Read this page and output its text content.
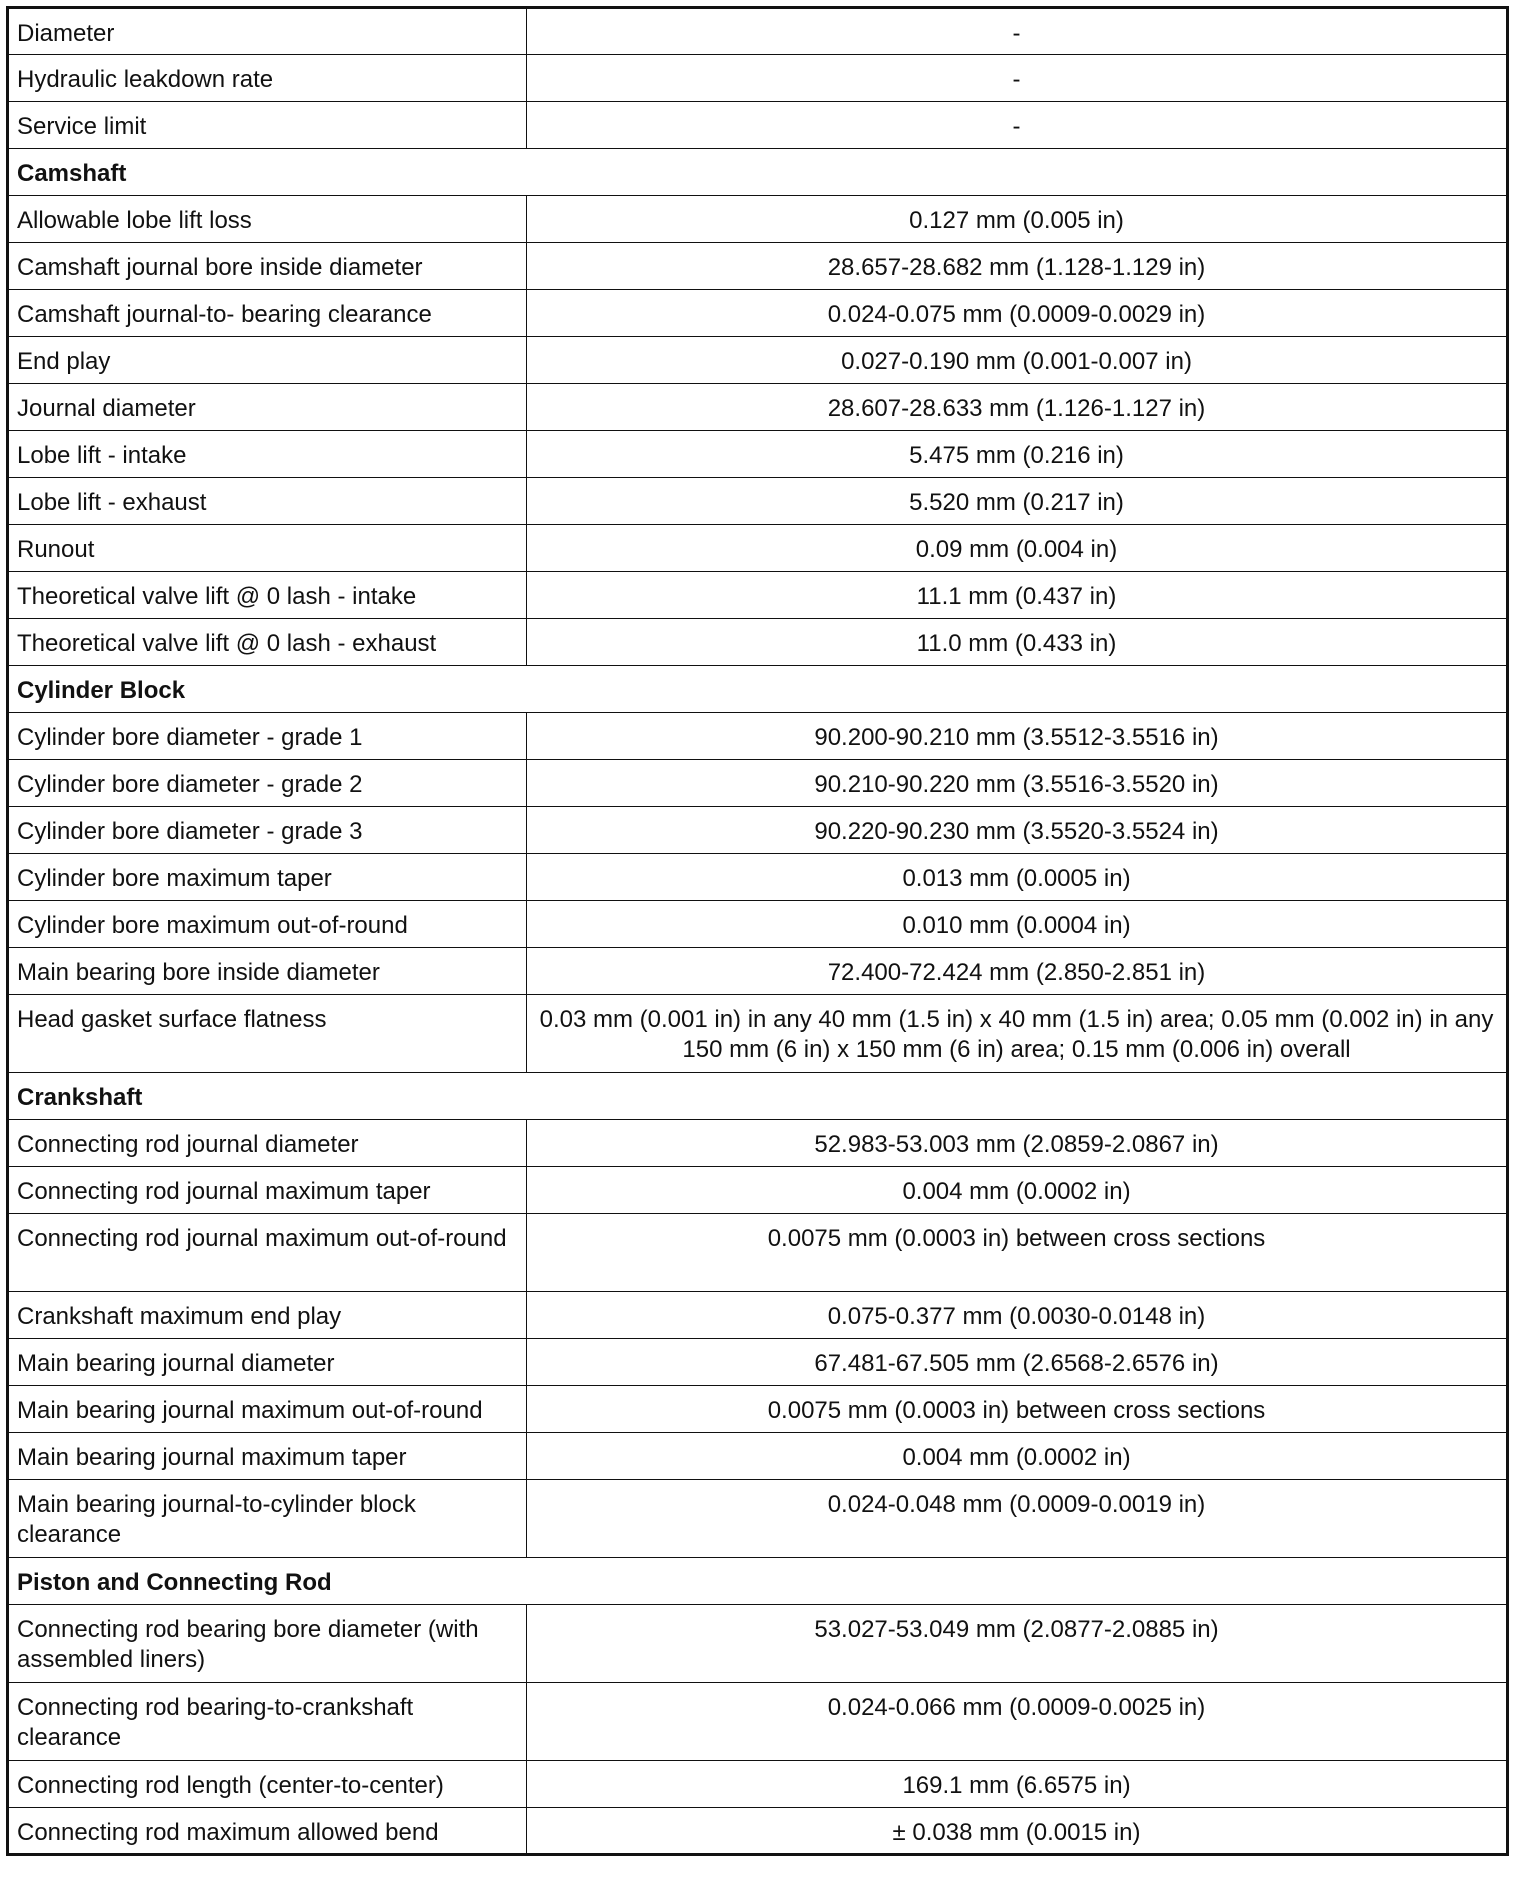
Diameter	-
Hydraulic leakdown rate	-
Service limit	-
Camshaft	
Allowable lobe lift loss	0.127 mm (0.005 in)
Camshaft journal bore inside diameter	28.657-28.682 mm (1.128-1.129 in)
Camshaft journal-to- bearing clearance	0.024-0.075 mm (0.0009-0.0029 in)
End play	0.027-0.190 mm (0.001-0.007 in)
Journal diameter	28.607-28.633 mm (1.126-1.127 in)
Lobe lift - intake	5.475 mm (0.216 in)
Lobe lift - exhaust	5.520 mm (0.217 in)
Runout	0.09 mm (0.004 in)
Theoretical valve lift @ 0 lash - intake	11.1 mm (0.437 in)
Theoretical valve lift @ 0 lash - exhaust	11.0 mm (0.433 in)
Cylinder Block	
Cylinder bore diameter - grade 1	90.200-90.210 mm (3.5512-3.5516 in)
Cylinder bore diameter - grade 2	90.210-90.220 mm (3.5516-3.5520 in)
Cylinder bore diameter - grade 3	90.220-90.230 mm (3.5520-3.5524 in)
Cylinder bore maximum taper	0.013 mm (0.0005 in)
Cylinder bore maximum out-of-round	0.010 mm (0.0004 in)
Main bearing bore inside diameter	72.400-72.424 mm (2.850-2.851 in)
Head gasket surface flatness	0.03 mm (0.001 in) in any 40 mm (1.5 in) x 40 mm (1.5 in) area; 0.05 mm (0.002 in) in any 150 mm (6 in) x 150 mm (6 in) area; 0.15 mm (0.006 in) overall
Crankshaft	
Connecting rod journal diameter	52.983-53.003 mm (2.0859-2.0867 in)
Connecting rod journal maximum taper	0.004 mm (0.0002 in)
Connecting rod journal maximum out-of-round	0.0075 mm (0.0003 in) between cross sections
Crankshaft maximum end play	0.075-0.377 mm (0.0030-0.0148 in)
Main bearing journal diameter	67.481-67.505 mm (2.6568-2.6576 in)
Main bearing journal maximum out-of-round	0.0075 mm (0.0003 in) between cross sections
Main bearing journal maximum taper	0.004 mm (0.0002 in)
Main bearing journal-to-cylinder block clearance	0.024-0.048 mm (0.0009-0.0019 in)
Piston and Connecting Rod	
Connecting rod bearing bore diameter (with assembled liners)	53.027-53.049 mm (2.0877-2.0885 in)
Connecting rod bearing-to-crankshaft clearance	0.024-0.066 mm (0.0009-0.0025 in)
Connecting rod length (center-to-center)	169.1 mm (6.6575 in)
Connecting rod maximum allowed bend	± 0.038 mm (0.0015 in)
